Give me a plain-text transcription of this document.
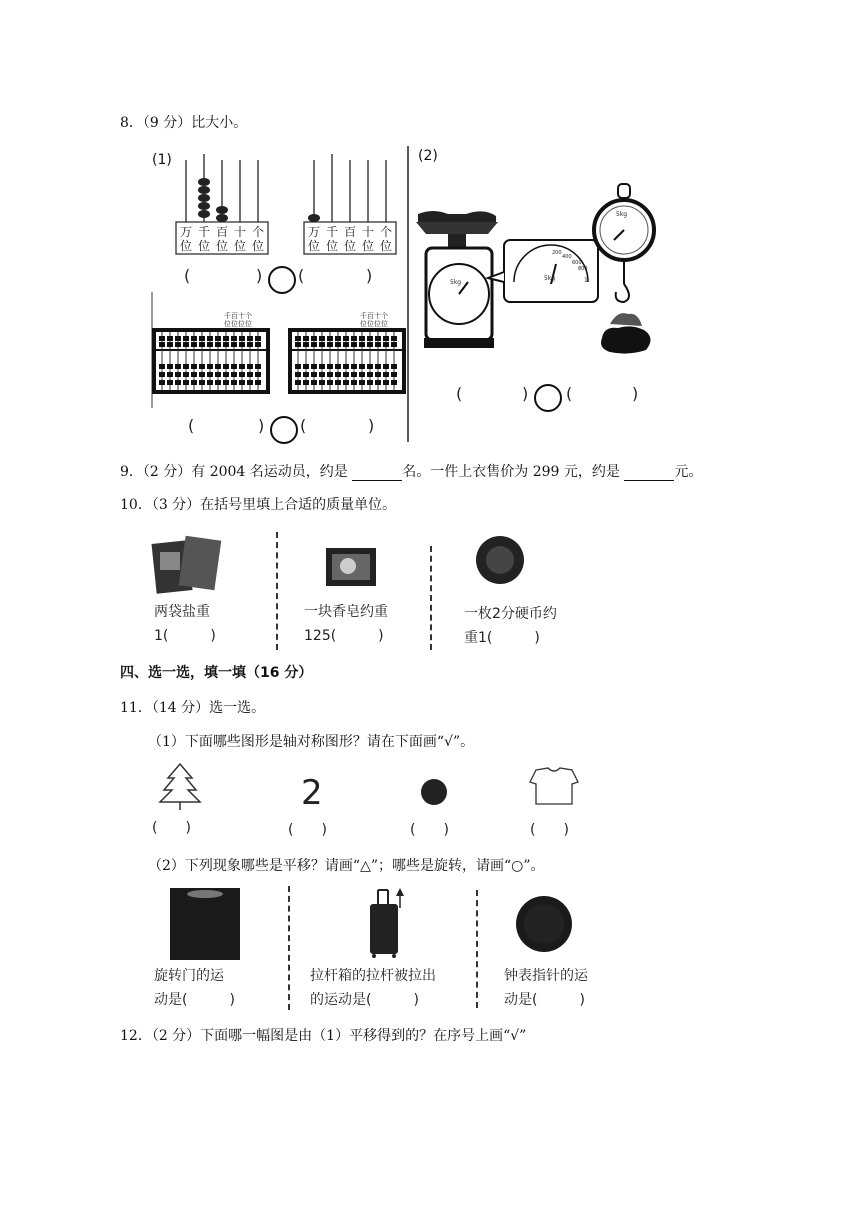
8．（9 分）比大小。
万 千 百 十 个
位 位 位 位 位
万 千 百 十 个
位 位 位 位 位
千百十个
位位位位
千百十个
位位位位
5kg
5kg
200
400
600
800
1
5kg
(1)	(2)
(	) (	)
(	) (	)
(	) (	)
9．（2 分）有 2004 名运动员，约是	名。一件上衣售价为 299 元，约是	元。
10．（3 分）在括号里填上合适的质量单位。
两袋盐重
1(　　　)
一块香皂约重
125(　　　)
一枚2分硬币约
重1(　　　)
四、选一选，填一填（16 分）
11．（14 分）选一选。
（1）下面哪些图形是轴对称图形？请在下面画“√”。
2
(　　)	(　　)	(　　)	(　　)
（2）下列现象哪些是平移？请画“△”；哪些是旋转，请画“○”。
旋转门的运
动是(　　　)
拉杆箱的拉杆被拉出
的运动是(　　　)
钟表指针的运
动是(　　　)
12．（2 分）下面哪一幅图是由（1）平移得到的？在序号上画“√”
